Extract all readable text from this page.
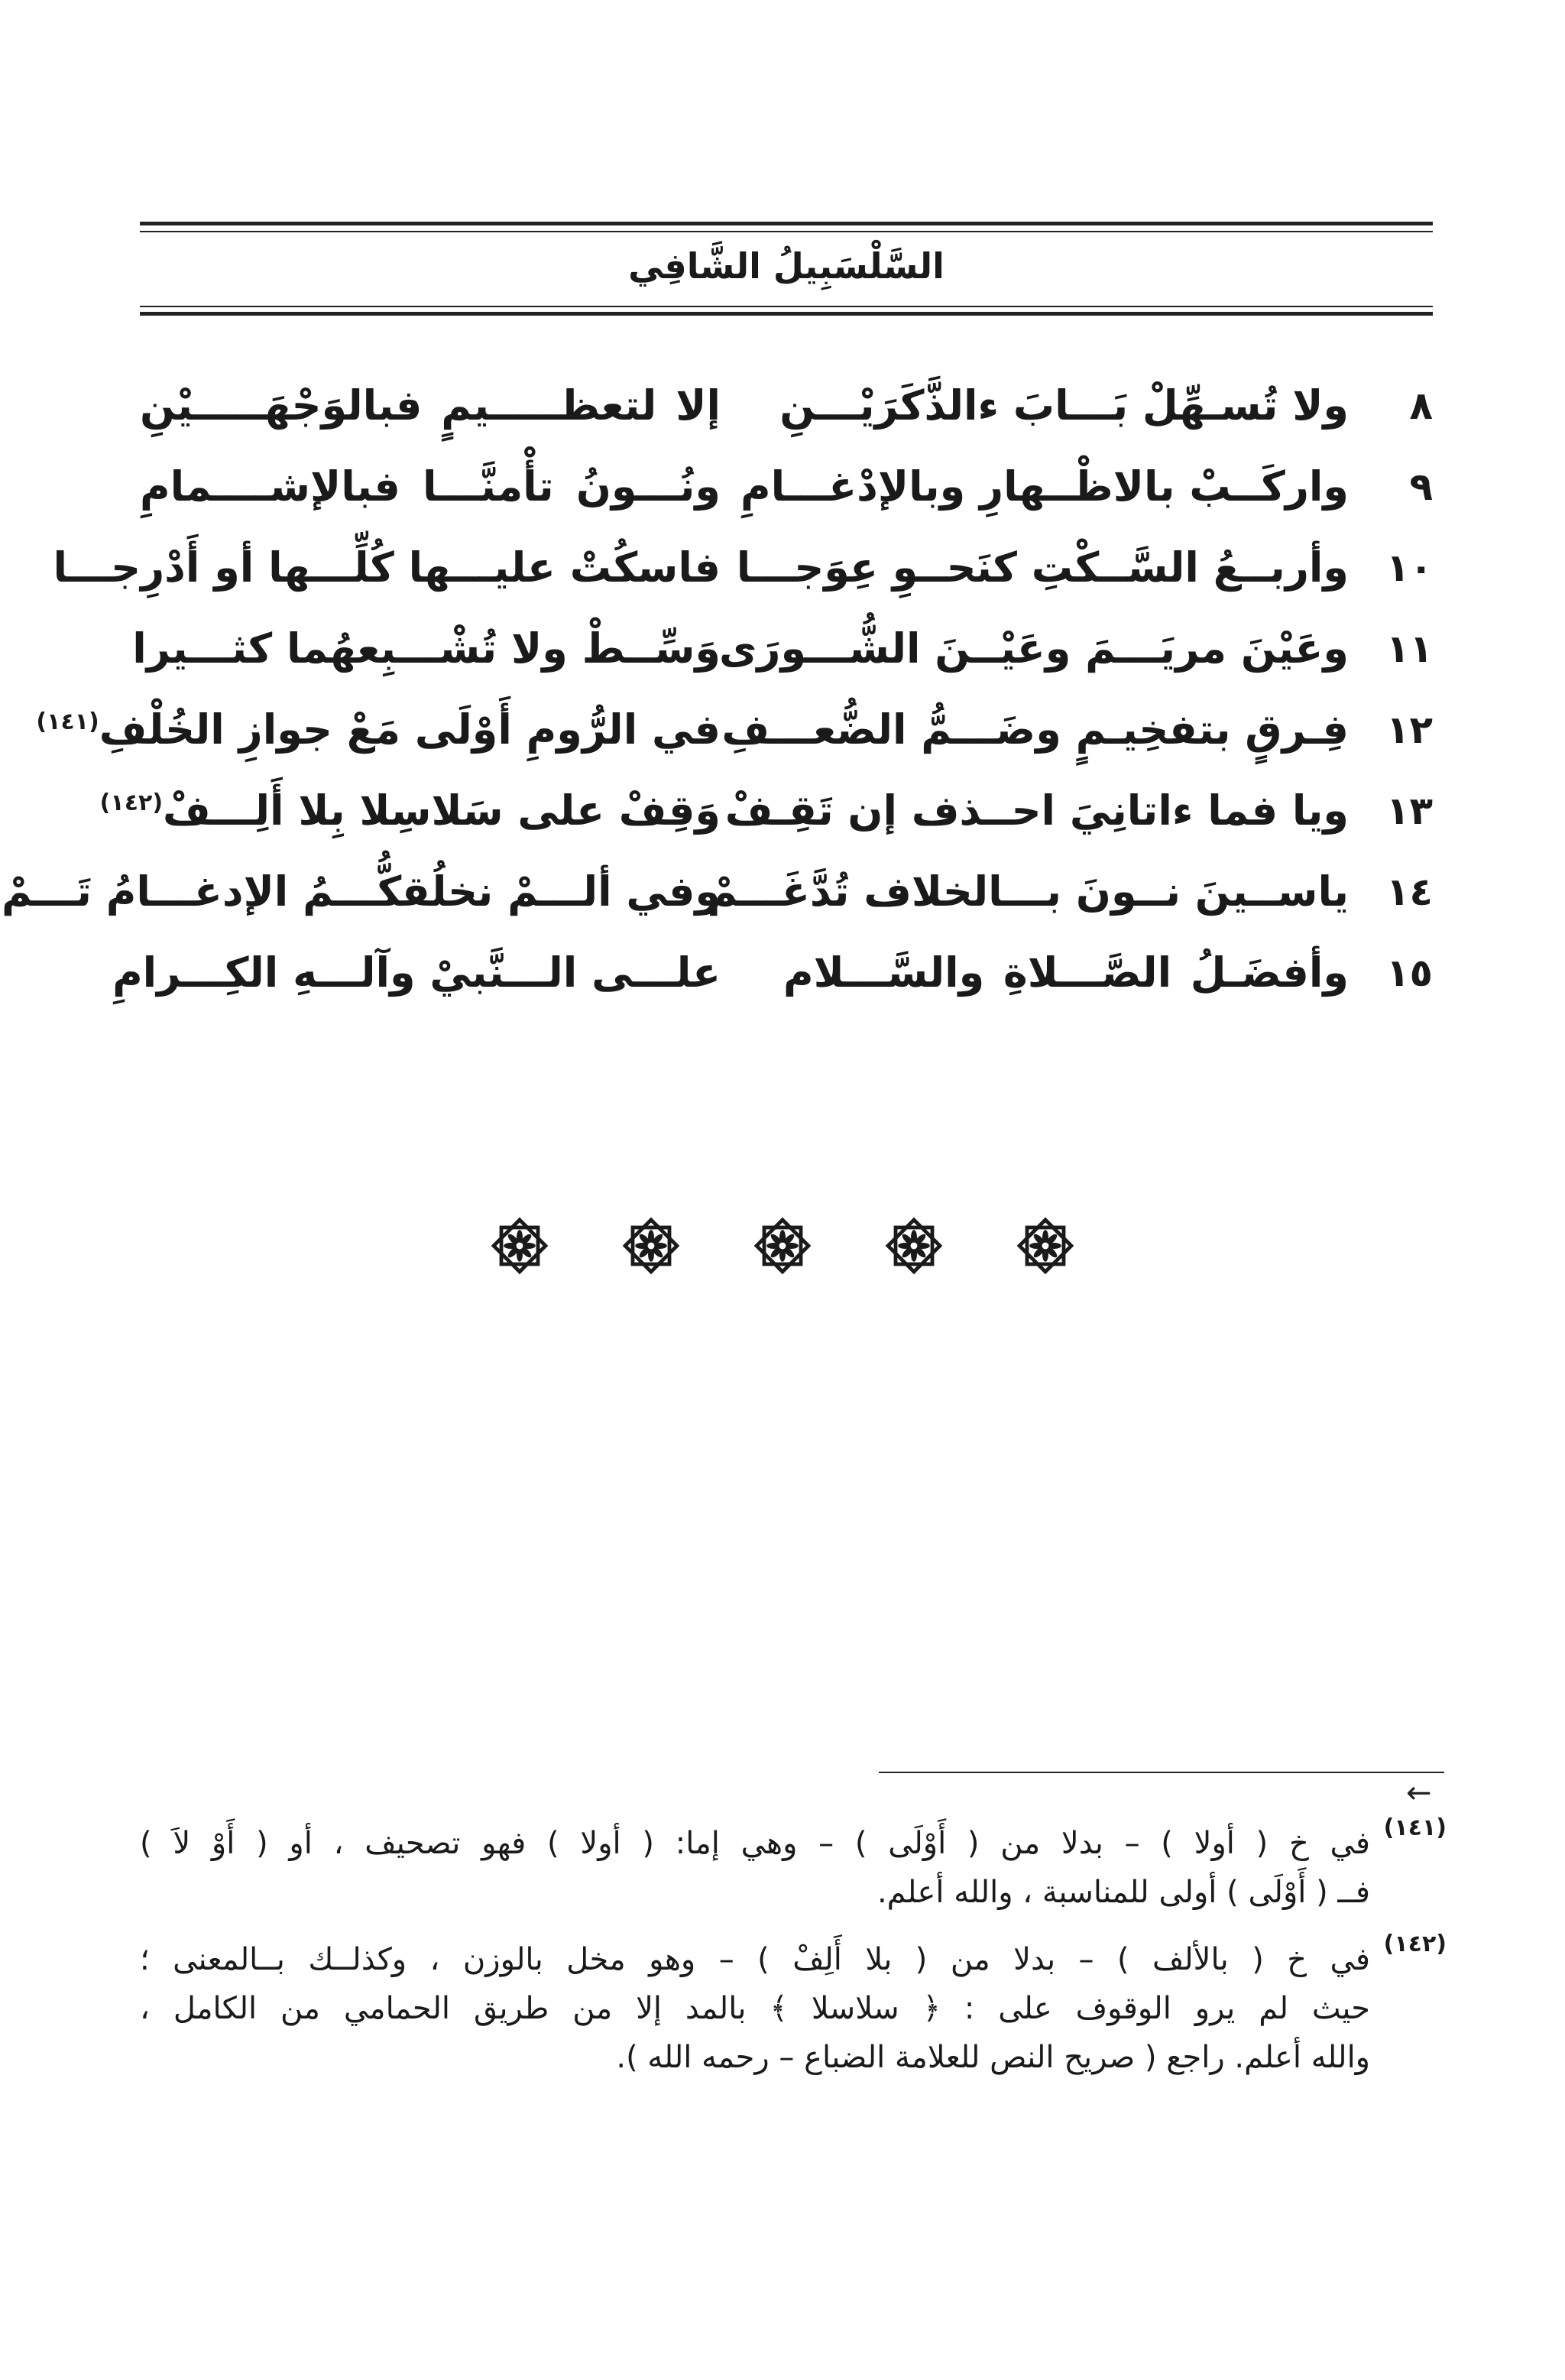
السَّلْسَبِيلُ الشَّافِي
٨
ولا تُسـهِّلْ بَـــابَ ءالذَّكَرَيْـــنِ
إلا لتعظـــــيمٍ فبالوَجْهَـــــيْنِ
٩
واركَــبْ بالاظْــهارِ وبالإدْغـــامِ
ونُـــونُ تأْمنَّـــا فبالإشــــمامِ
١٠
وأربــعُ السَّــكْتِ كنَحــوِ عِوَجـــا
فاسكُتْ عليـــها كُلِّـــها أو أَدْرِجـــا
١١
وعَيْنَ مريَـــمَ وعَيْــنَ الشُّـــورَى
وَسِّــطْ ولا تُشْـــبِعهُما كثـــيرا
١٢
فِـرقٍ بتفخِيـمٍ وضَـــمُّ الضُّعـــفِ
في الرُّومِ أَوْلَى مَعْ جوازِ الخُلْفِ$^{(١٤١)}$
١٣
ويا فما ءاتانِيَ احــذف إن تَقِـفْ
وَقِفْ على سَلاسِلا بِلا أَلِـــفْ$^{(١٤٢)}$
١٤
ياســينَ نــونَ بـــالخلاف تُدَّغَـــمْ
وفي ألـــمْ نخلُقكُّـــمُ الإدغـــامُ تَـــمْ
١٥
وأفضَـلُ الصَّـــلاةِ والسَّـــلام
علـــى الـــنَّبيْ وآلـــهِ الكِـــرامِ
←
(١٤١)
في خ ( أولا ) – بدلا من ( أَوْلَى ) – وهي إما: ( أولا ) فهو تصحيف ، أو ( أَوْ لاَ )
فــ ( أَوْلَى ) أولى للمناسبة ، والله أعلم.
(١٤٢)
في خ ( بالألف ) – بدلا من ( بلا أَلِفْ ) – وهو مخل بالوزن ، وكذلــك بــالمعنى ؛
حيث لم يرو الوقوف على : ﴿ سلاسلا ﴾ بالمد إلا من طريق الحمامي من الكامل ،
والله أعلم. راجع ( صريح النص للعلامة الضباع – رحمه الله ).
